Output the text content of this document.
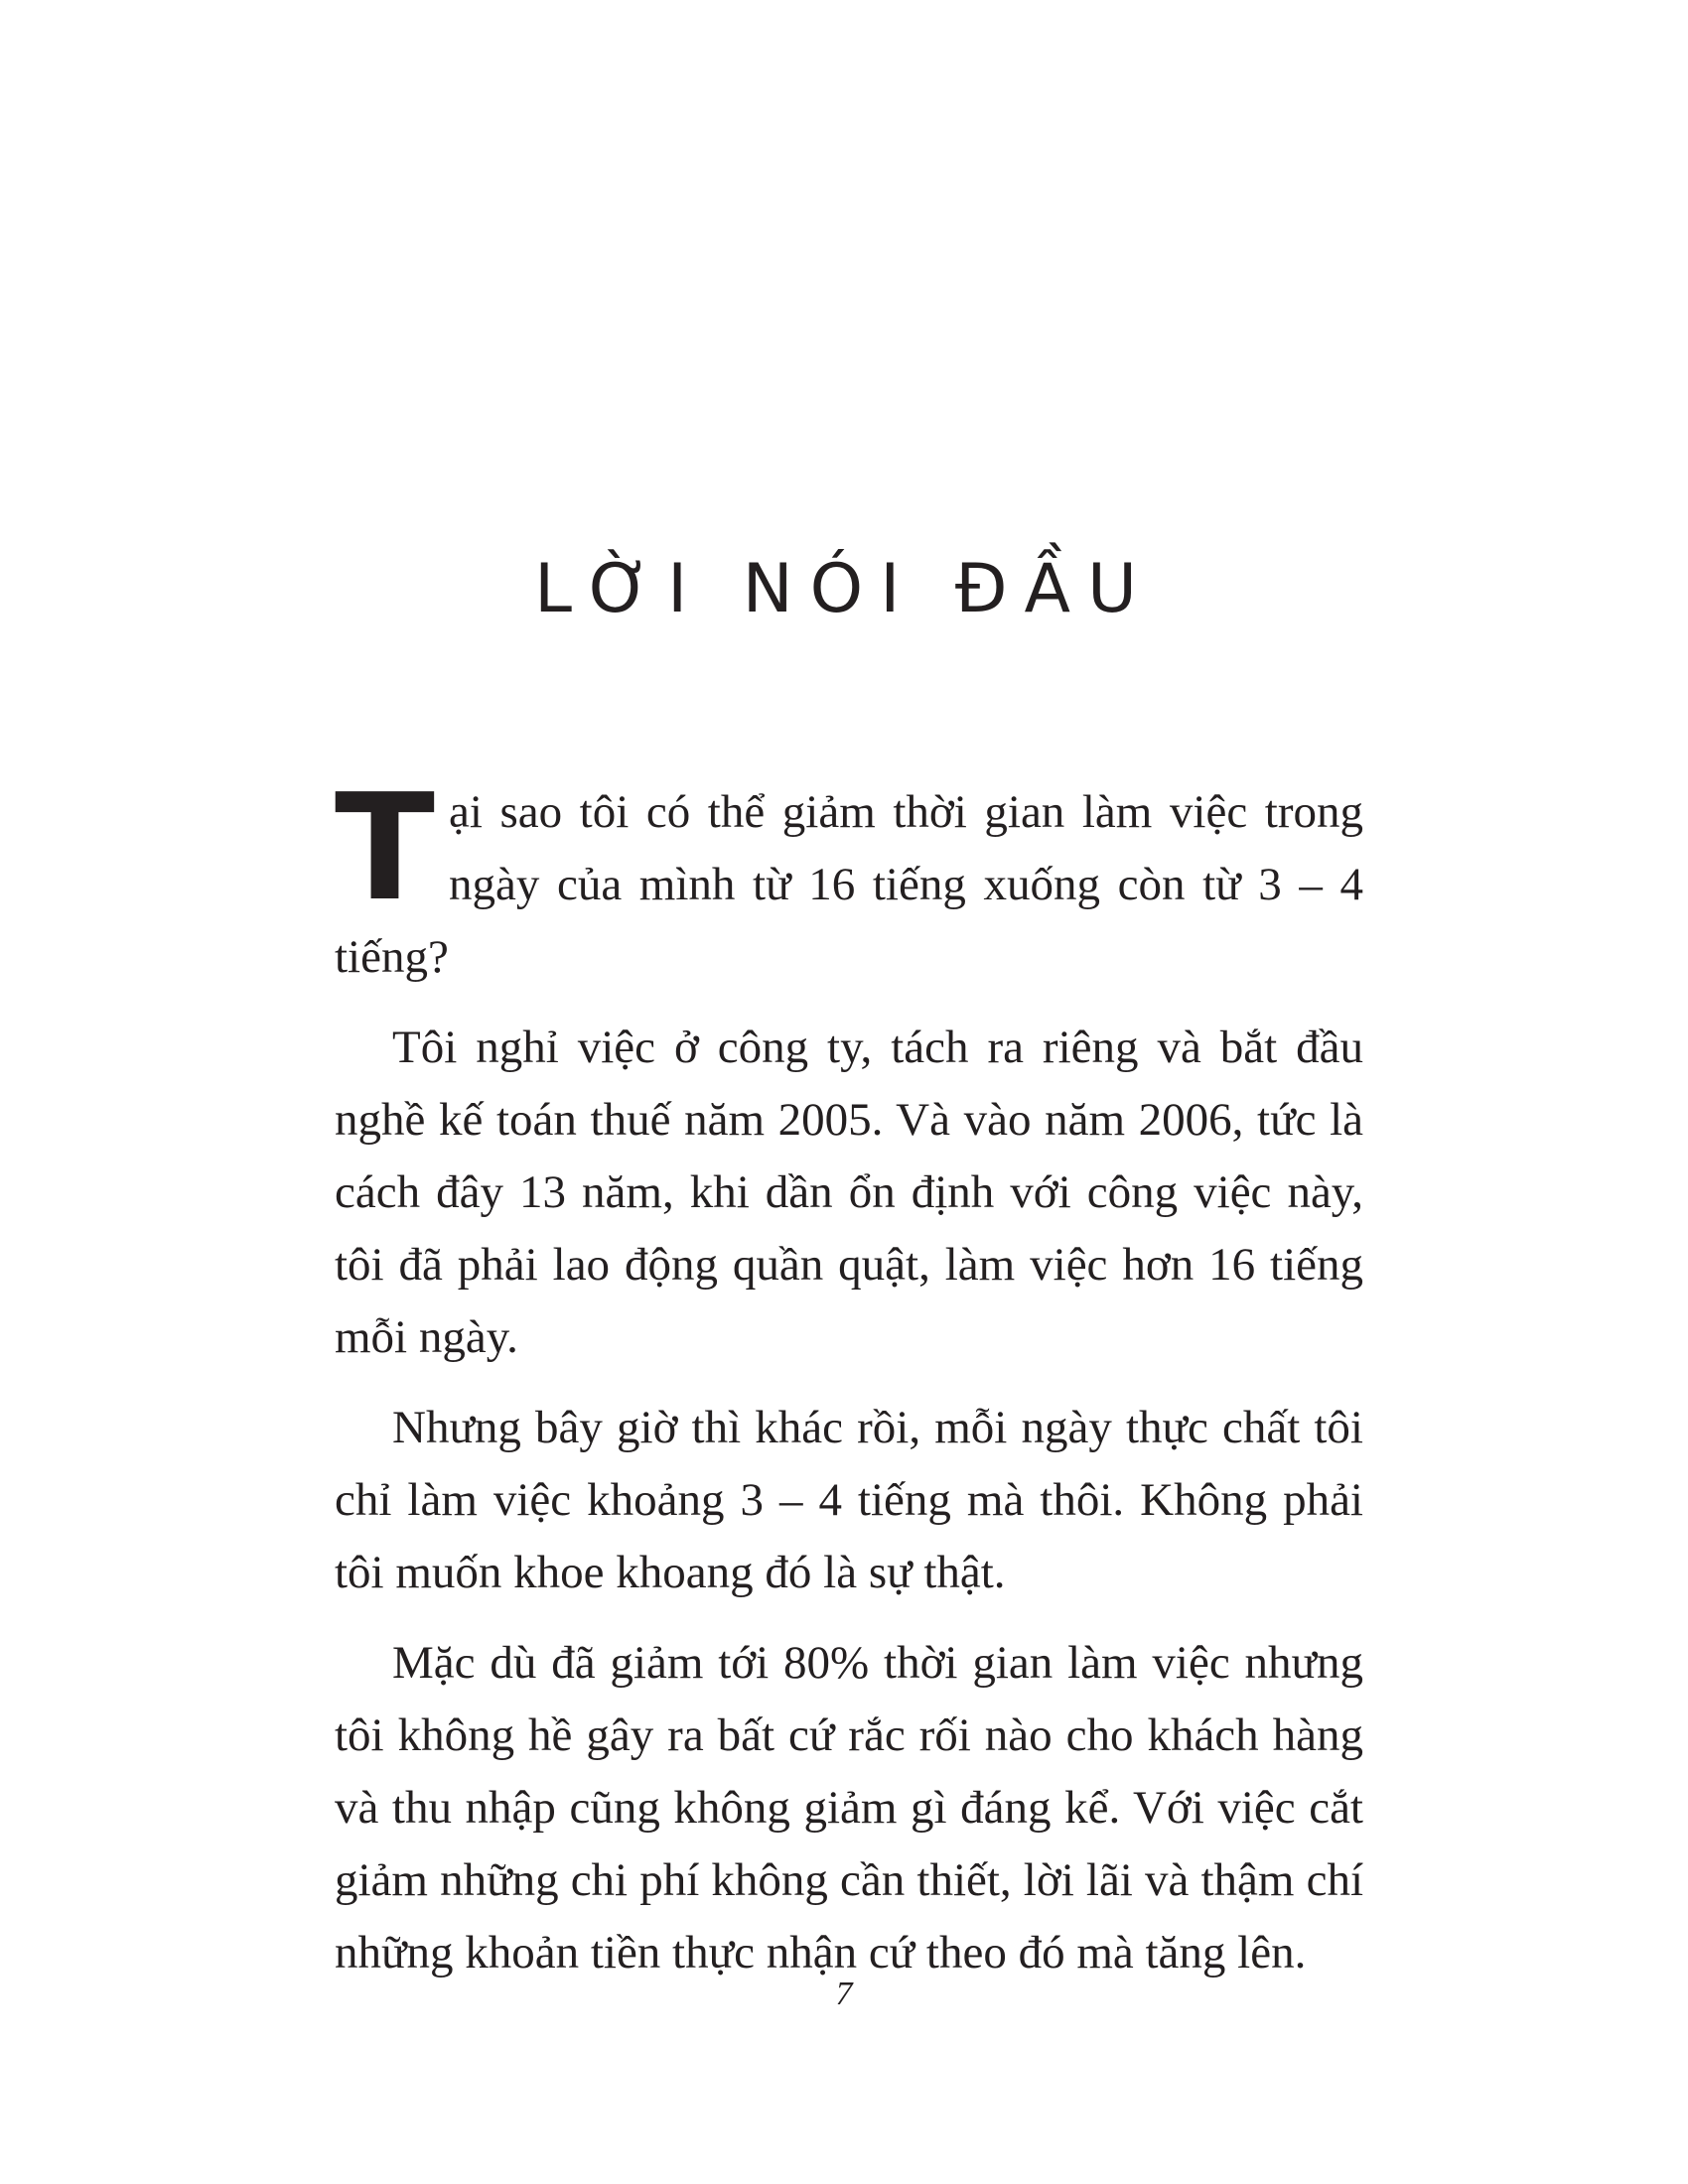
LỜI NÓI ĐẦU

Tại sao tôi có thể giảm thời gian làm việc trong ngày của mình từ 16 tiếng xuống còn từ 3 – 4 tiếng?

Tôi nghỉ việc ở công ty, tách ra riêng và bắt đầu nghề kế toán thuế năm 2005. Và vào năm 2006, tức là cách đây 13 năm, khi dần ổn định với công việc này, tôi đã phải lao động quần quật, làm việc hơn 16 tiếng mỗi ngày.

Nhưng bây giờ thì khác rồi, mỗi ngày thực chất tôi chỉ làm việc khoảng 3 – 4 tiếng mà thôi. Không phải tôi muốn khoe khoang đó là sự thật.

Mặc dù đã giảm tới 80% thời gian làm việc nhưng tôi không hề gây ra bất cứ rắc rối nào cho khách hàng và thu nhập cũng không giảm gì đáng kể. Với việc cắt giảm những chi phí không cần thiết, lời lãi và thậm chí những khoản tiền thực nhận cứ theo đó mà tăng lên.

7
